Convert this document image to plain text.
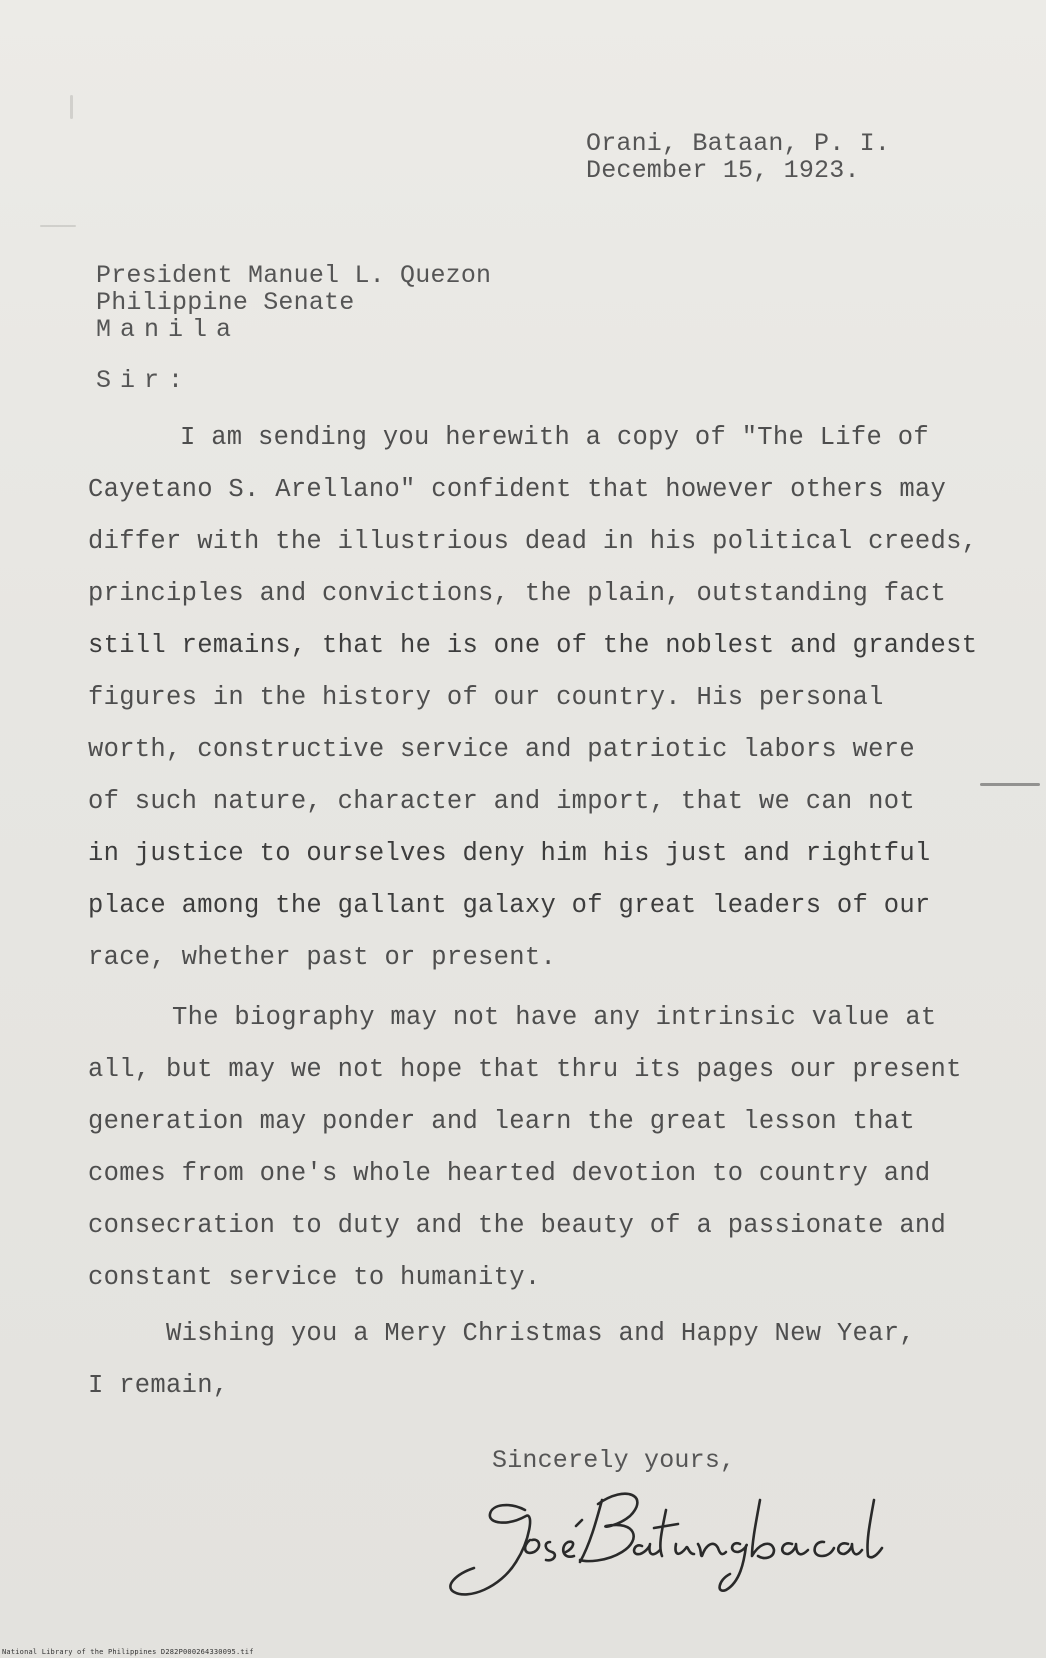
Orani, Bataan, P. I.
December 15, 1923.
President Manuel L. Quezon
Philippine Senate
Manila
Sir:
I am sending you herewith a copy of "The Life of
Cayetano S. Arellano" confident that however others may
differ with the illustrious dead in his political creeds,
principles and convictions, the plain, outstanding fact
still remains, that he is one of the noblest and grandest
figures in the history of our country. His personal
worth, constructive service and patriotic labors were
of such nature, character and import, that we can not
in justice to ourselves deny him his just and rightful
place among the gallant galaxy of great leaders of our
race, whether past or present.
The biography may not have any intrinsic value at
all, but may we not hope that thru its pages our present
generation may ponder and learn the great lesson that
comes from one's whole hearted devotion to country and
consecration to duty and the beauty of a passionate and
constant service to humanity.
Wishing you a Mery Christmas and Happy New Year,
I remain,
Sincerely yours,
National Library of the Philippines D282P000264330095.tif
